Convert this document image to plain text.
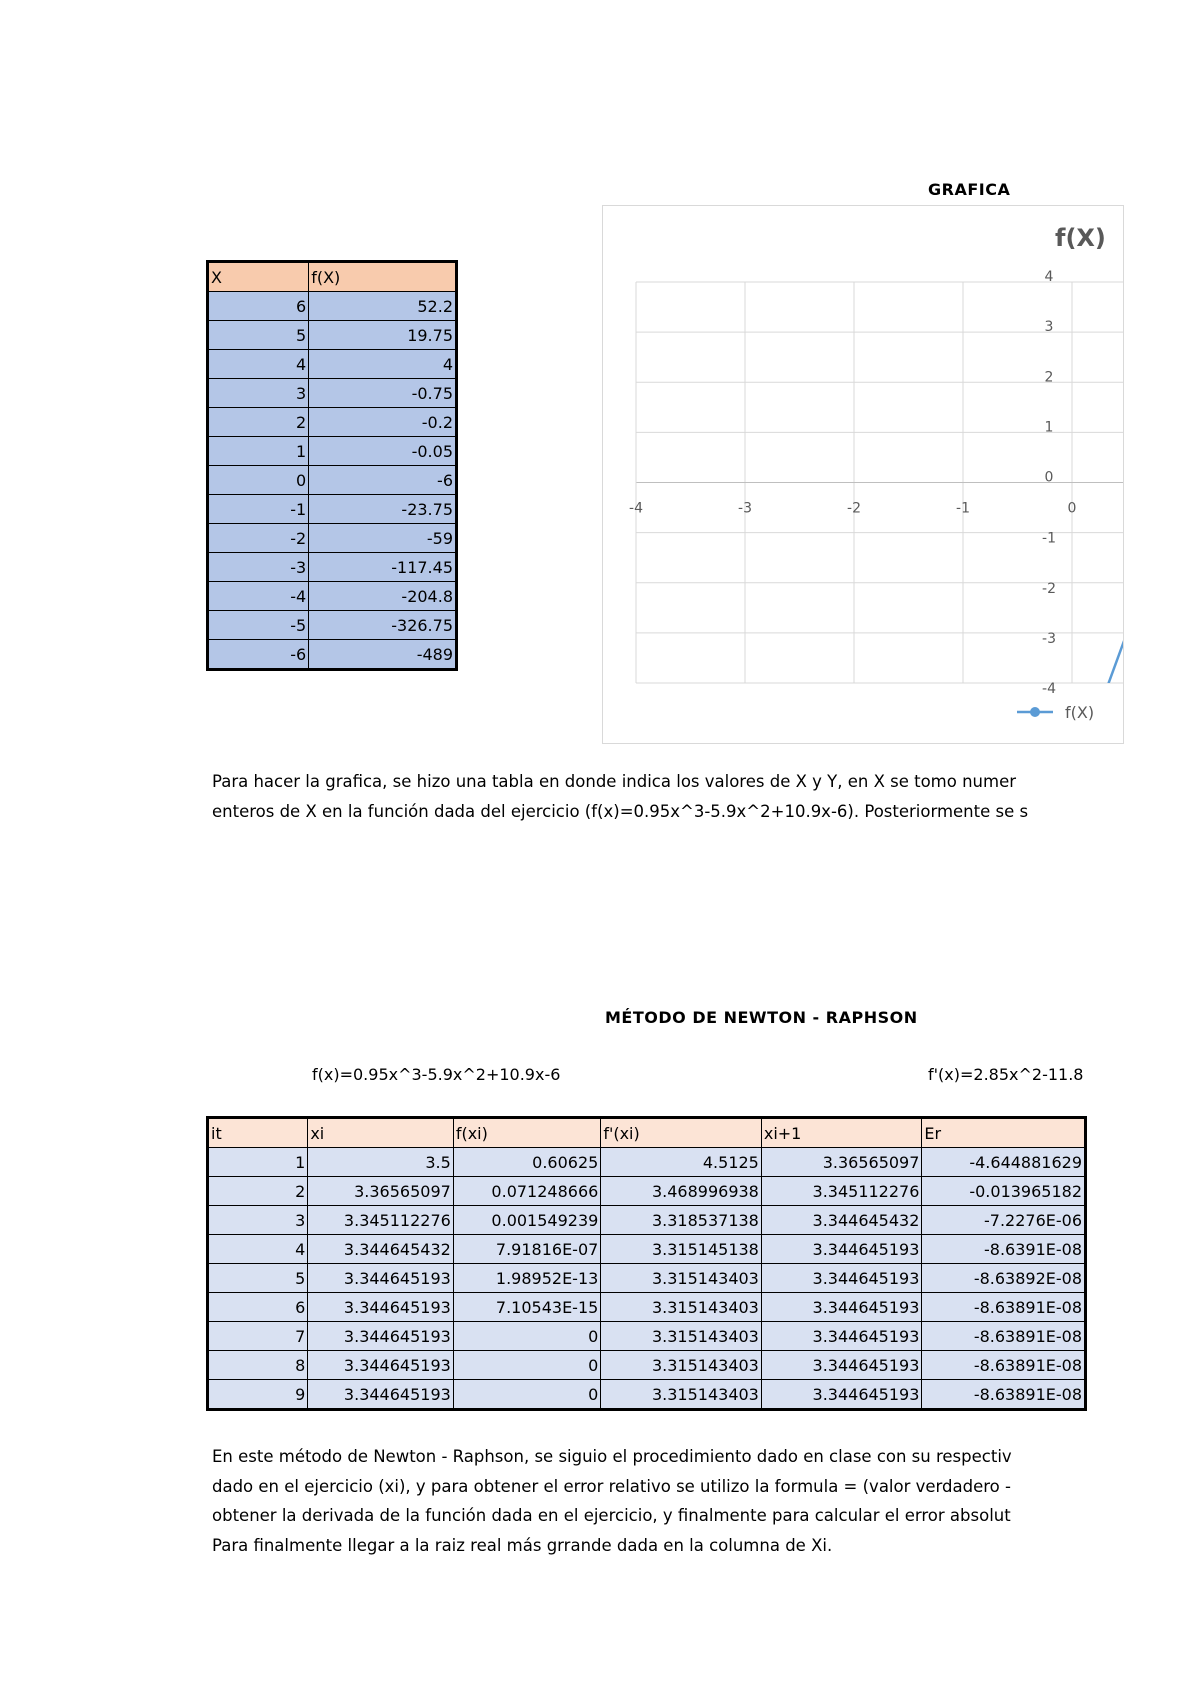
GRAFICA
X	f(X)
6	52.2
5	19.75
4	4
3	-0.75
2	-0.2
1	-0.05
0	-6
-1	-23.75
-2	-59
-3	-117.45
-4	-204.8
-5	-326.75
-6	-489
f(X)
4
3
2
1
0
-1
-2
-3
-4
-4	-3	-2	-1	0
f(X)
Para hacer la grafica, se hizo una tabla en donde indica los valores de X y Y, en X se tomo numer
enteros de X en la función dada del ejercicio (f(x)=0.95x^3-5.9x^2+10.9x-6). Posteriormente se s
MÉTODO DE NEWTON - RAPHSON
f(x)=0.95x^3-5.9x^2+10.9x-6	f'(x)=2.85x^2-11.8
it	xi	f(xi)	f'(xi)	xi+1	Er
1	3.5	0.60625	4.5125	3.36565097	-4.644881629
2	3.36565097	0.071248666	3.468996938	3.345112276	-0.013965182
3	3.345112276	0.001549239	3.318537138	3.344645432	-7.2276E-06
4	3.344645432	7.91816E-07	3.315145138	3.344645193	-8.6391E-08
5	3.344645193	1.98952E-13	3.315143403	3.344645193	-8.63892E-08
6	3.344645193	7.10543E-15	3.315143403	3.344645193	-8.63891E-08
7	3.344645193	0	3.315143403	3.344645193	-8.63891E-08
8	3.344645193	0	3.315143403	3.344645193	-8.63891E-08
9	3.344645193	0	3.315143403	3.344645193	-8.63891E-08
En este método de Newton - Raphson, se siguio el procedimiento dado en clase con su respectiv
dado en el ejercicio (xi), y para obtener el error relativo se utilizo la formula = (valor verdadero -
obtener la derivada de la función dada en el ejercicio, y finalmente para calcular el error absolut
Para finalmente llegar a la raiz real más grrande dada en la columna de Xi.
